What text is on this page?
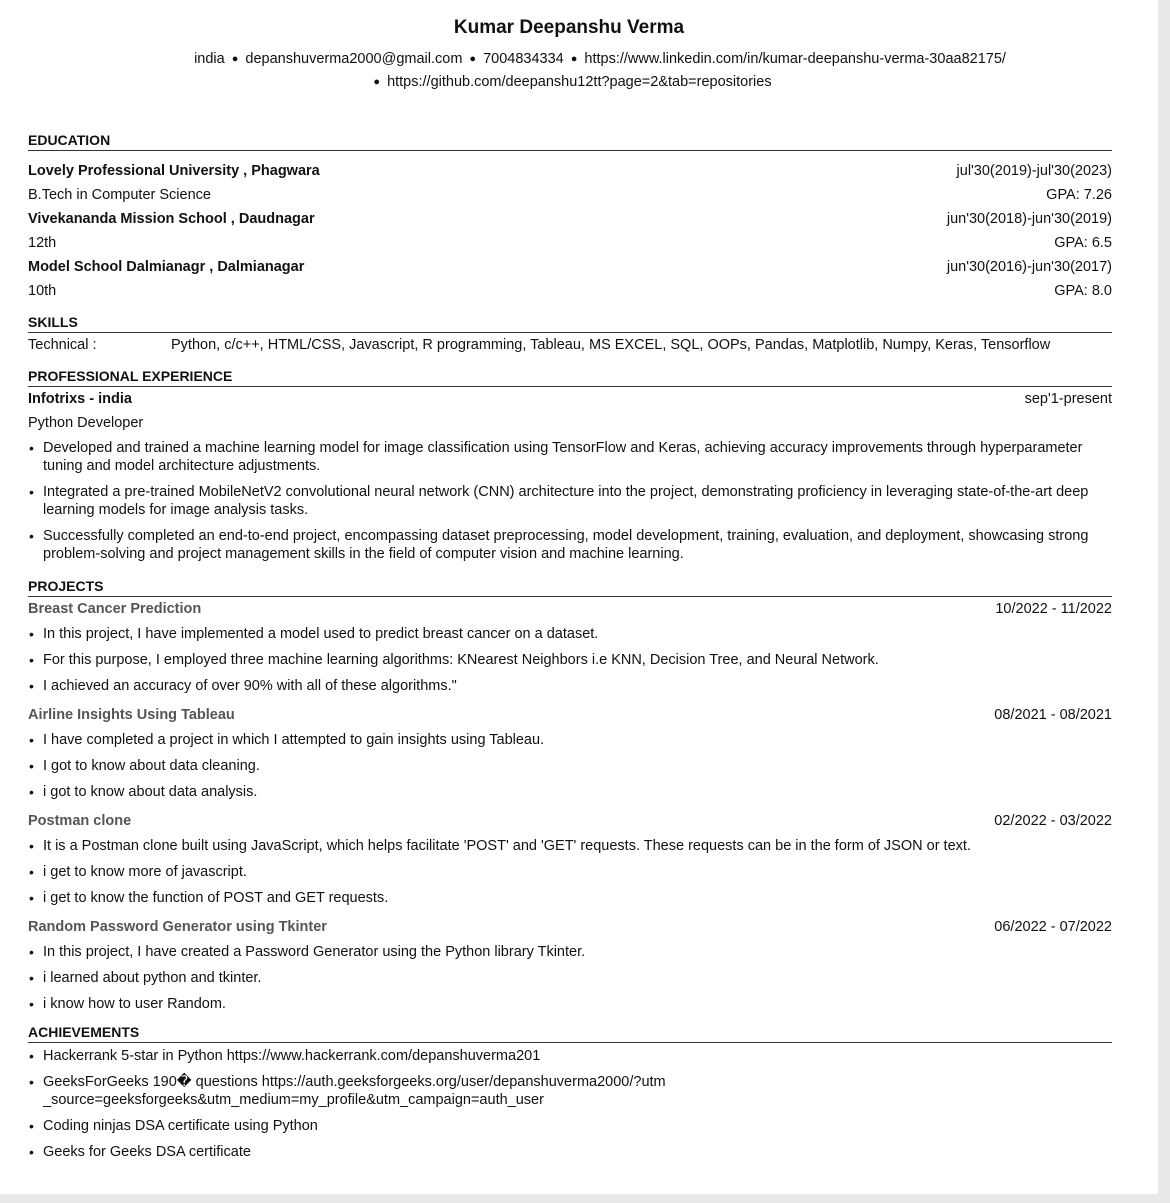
Kumar Deepanshu Verma
india ● depanshuverma2000@gmail.com ● 7004834334 ● https://www.linkedin.com/in/kumar-deepanshu-verma-30aa82175/
● https://github.com/deepanshu12tt?page=2&tab=repositories
EDUCATION
Lovely Professional University , Phagwara	jul'30(2019)-jul'30(2023)
B.Tech in Computer Science	GPA: 7.26
Vivekananda Mission School , Daudnagar	jun'30(2018)-jun'30(2019)
12th	GPA: 6.5
Model School Dalmianagr , Dalmianagar	jun'30(2016)-jun'30(2017)
10th	GPA: 8.0
SKILLS
Technical :	Python, c/c++, HTML/CSS, Javascript, R programming, Tableau, MS EXCEL, SQL, OOPs, Pandas, Matplotlib, Numpy, Keras, Tensorflow
PROFESSIONAL EXPERIENCE
Infotrixs - india	sep'1-present
Python Developer
• Developed and trained a machine learning model for image classification using TensorFlow and Keras, achieving accuracy improvements through hyperparameter tuning and model architecture adjustments.
• Integrated a pre-trained MobileNetV2 convolutional neural network (CNN) architecture into the project, demonstrating proficiency in leveraging state-of-the-art deep learning models for image analysis tasks.
• Successfully completed an end-to-end project, encompassing dataset preprocessing, model development, training, evaluation, and deployment, showcasing strong problem-solving and project management skills in the field of computer vision and machine learning.
PROJECTS
Breast Cancer Prediction	10/2022 - 11/2022
• In this project, I have implemented a model used to predict breast cancer on a dataset.
• For this purpose, I employed three machine learning algorithms: KNearest Neighbors i.e KNN, Decision Tree, and Neural Network.
• I achieved an accuracy of over 90% with all of these algorithms."
Airline Insights Using Tableau	08/2021 - 08/2021
• I have completed a project in which I attempted to gain insights using Tableau.
• I got to know about data cleaning.
• i got to know about data analysis.
Postman clone	02/2022 - 03/2022
• It is a Postman clone built using JavaScript, which helps facilitate 'POST' and 'GET' requests. These requests can be in the form of JSON or text.
• i get to know more of javascript.
• i get to know the function of POST and GET requests.
Random Password Generator using Tkinter	06/2022 - 07/2022
• In this project, I have created a Password Generator using the Python library Tkinter.
• i learned about python and tkinter.
• i know how to user Random.
ACHIEVEMENTS
• Hackerrank 5-star in Python https://www.hackerrank.com/depanshuverma201
• GeeksForGeeks 190� questions https://auth.geeksforgeeks.org/user/depanshuverma2000/?utm_source=geeksforgeeks&utm_medium=my_profile&utm_campaign=auth_user
• Coding ninjas DSA certificate using Python
• Geeks for Geeks DSA certificate
